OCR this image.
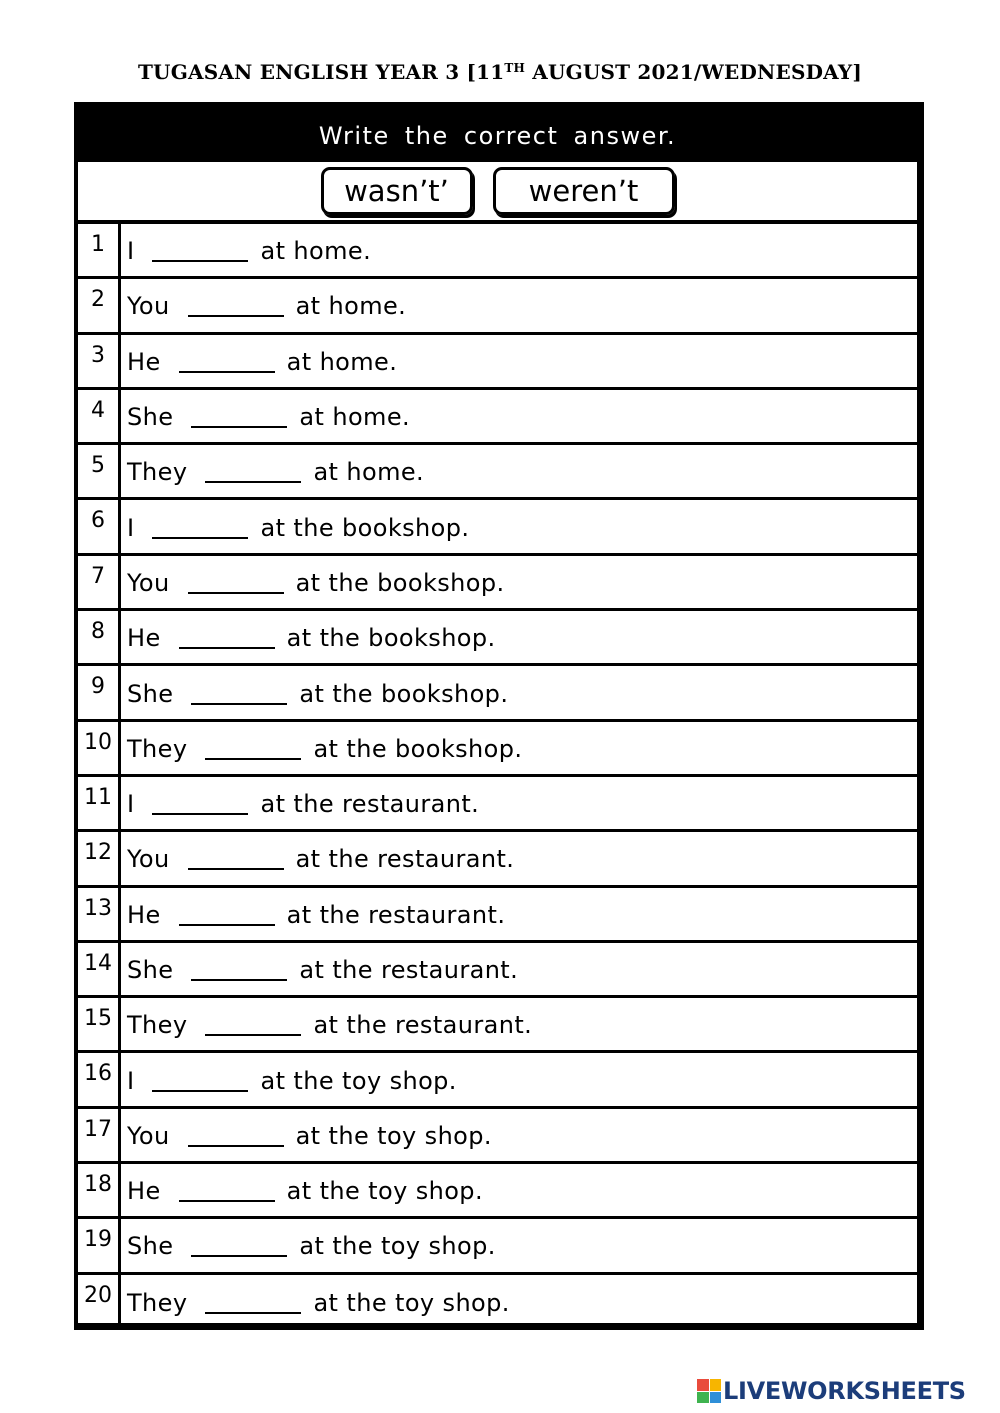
TUGASAN ENGLISH YEAR 3 [11TH AUGUST 2021/WEDNESDAY]
Write the correct answer.
wasn’t’	weren’t
1 I	at home.
2 You	at home.
3 He	at home.
4 She	at home.
5 They	at home.
6 I	at the bookshop.
7 You	at the bookshop.
8 He	at the bookshop.
9 She	at the bookshop.
10 They	at the bookshop.
11 I	at the restaurant.
12 You	at the restaurant.
13 He	at the restaurant.
14 She	at the restaurant.
15 They	at the restaurant.
16 I	at the toy shop.
17 You	at the toy shop.
18 He	at the toy shop.
19 She	at the toy shop.
20 They	at the toy shop.
LIVEWORKSHEETS
